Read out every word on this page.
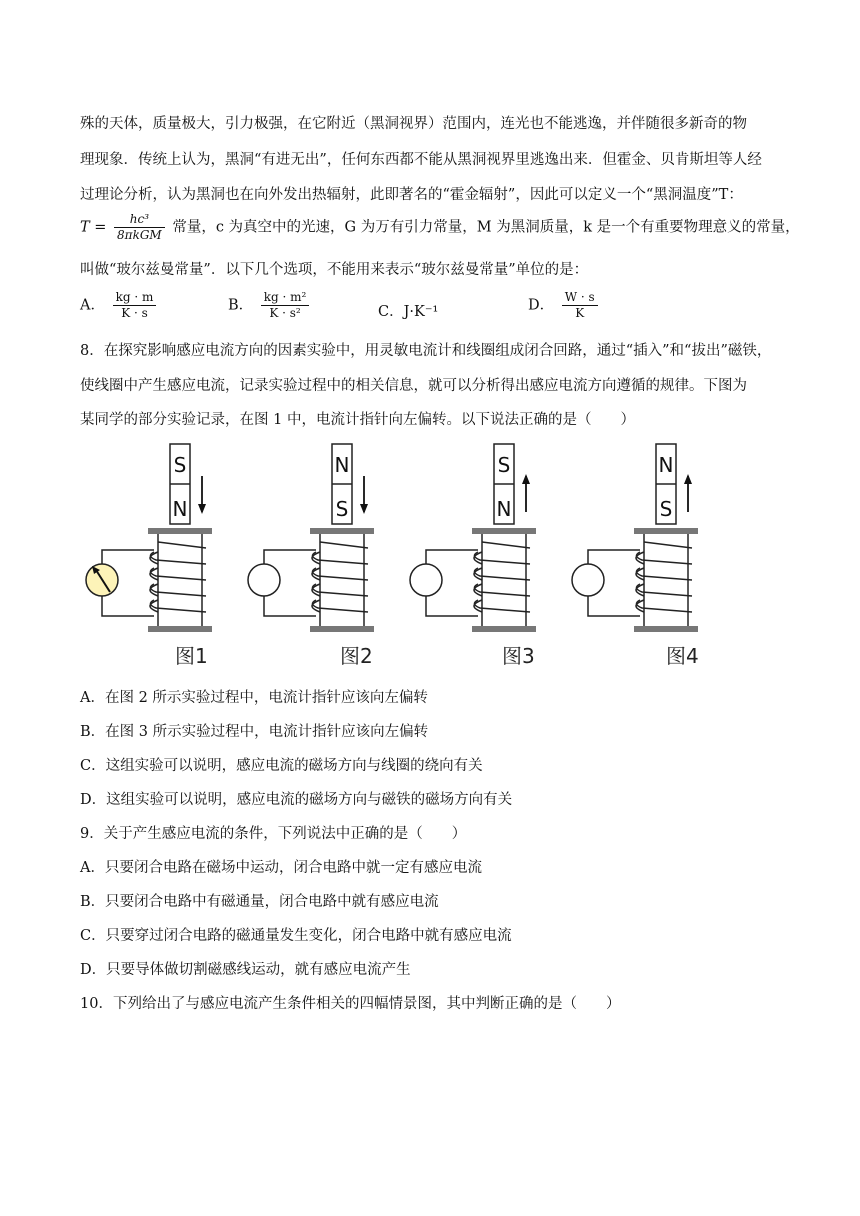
殊的天体，质量极大，引力极强，在它附近（黑洞视界）范围内，连光也不能逃逸，并伴随很多新奇的物
理现象．传统上认为，黑洞“有进无出”，任何东西都不能从黑洞视界里逃逸出来．但霍金、贝肯斯坦等人经
过理论分析，认为黑洞也在向外发出热辐射，此即著名的“霍金辐射”，因此可以定义一个“黑洞温度”T：
$T = \frac{\text{hc³}}{\text{8πkGM}}$ 常量，c 为真空中的光速，G 为万有引力常量，M 为黑洞质量，k 是一个有重要物理意义的常量，
叫做“玻尔兹曼常量”．以下几个选项，不能用来表示“玻尔兹曼常量”单位的是：
A． $\frac{kg \cdot m}{K \cdot s}$	B． $\frac{\text{kg · m²}}{\text{K · s²}}$	C．J·K⁻¹	D． $\frac{W \cdot s}{K}$
8．在探究影响感应电流方向的因素实验中，用灵敏电流计和线圈组成闭合回路，通过“插入”和“拔出”磁铁，
使线圈中产生感应电流，记录实验过程中的相关信息，就可以分析得出感应电流方向遵循的规律。下图为
某同学的部分实验记录，在图 1 中，电流计指针向左偏转。以下说法正确的是（　　）
S
N
N
S
S
N
N
S
图1	图2	图3	图4
A．在图 2 所示实验过程中，电流计指针应该向左偏转
B．在图 3 所示实验过程中，电流计指针应该向左偏转
C．这组实验可以说明，感应电流的磁场方向与线圈的绕向有关
D．这组实验可以说明，感应电流的磁场方向与磁铁的磁场方向有关
9．关于产生感应电流的条件，下列说法中正确的是（　　）
A．只要闭合电路在磁场中运动，闭合电路中就一定有感应电流
B．只要闭合电路中有磁通量，闭合电路中就有感应电流
C．只要穿过闭合电路的磁通量发生变化，闭合电路中就有感应电流
D．只要导体做切割磁感线运动，就有感应电流产生
10．下列给出了与感应电流产生条件相关的四幅情景图，其中判断正确的是（　　）
